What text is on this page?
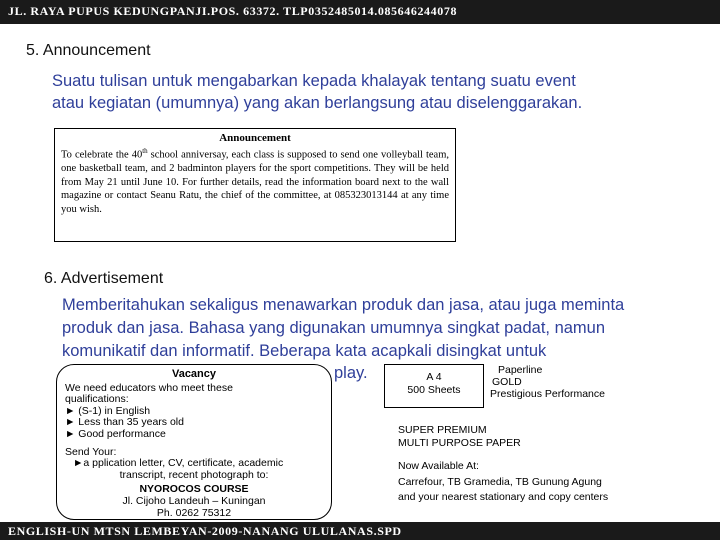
JL. RAYA PUPUS KEDUNGPANJI.POS. 63372. TLP0352485014.085646244078
5. Announcement
Suatu tulisan untuk mengabarkan kepada khalayak tentang suatu event
atau kegiatan (umumnya) yang akan berlangsung atau diselenggarakan.
Announcement
To celebrate the 40th school anniversay, each class is supposed to send one volleyball team, one basketball team, and 2 badminton players for the sport competitions. They will be held from May 21 until June 10. For further details, read the information board next to the wall magazine or contact Seanu Ratu, the chief of the committee, at 085323013144 at any time you wish.
6. Advertisement
Memberitahukan sekaligus menawarkan produk dan jasa, atau juga meminta
produk dan jasa. Bahasa yang digunakan umumnya singkat padat, namun
komunikatif dan informatif. Beberapa kata acapkali disingkat untuk
play.
Vacancy
We need educators who meet these
qualifications:
► (S-1) in English
► Less than 35 years old
► Good performance
Send Your:
►a pplication letter, CV, certificate, academic
transcript, recent photograph to:
NYOROCOS COURSE
Jl. Cijoho Landeuh – Kuningan
Ph. 0262 75312
A 4
500 Sheets
Paperline
GOLD
Prestigious Performance
SUPER PREMIUM
MULTI PURPOSE PAPER
Now Available At:
Carrefour, TB Gramedia, TB Gunung Agung
and your nearest stationary and copy centers
ENGLISH-UN MTSN LEMBEYAN-2009-NANANG ULULANAS.SPD
